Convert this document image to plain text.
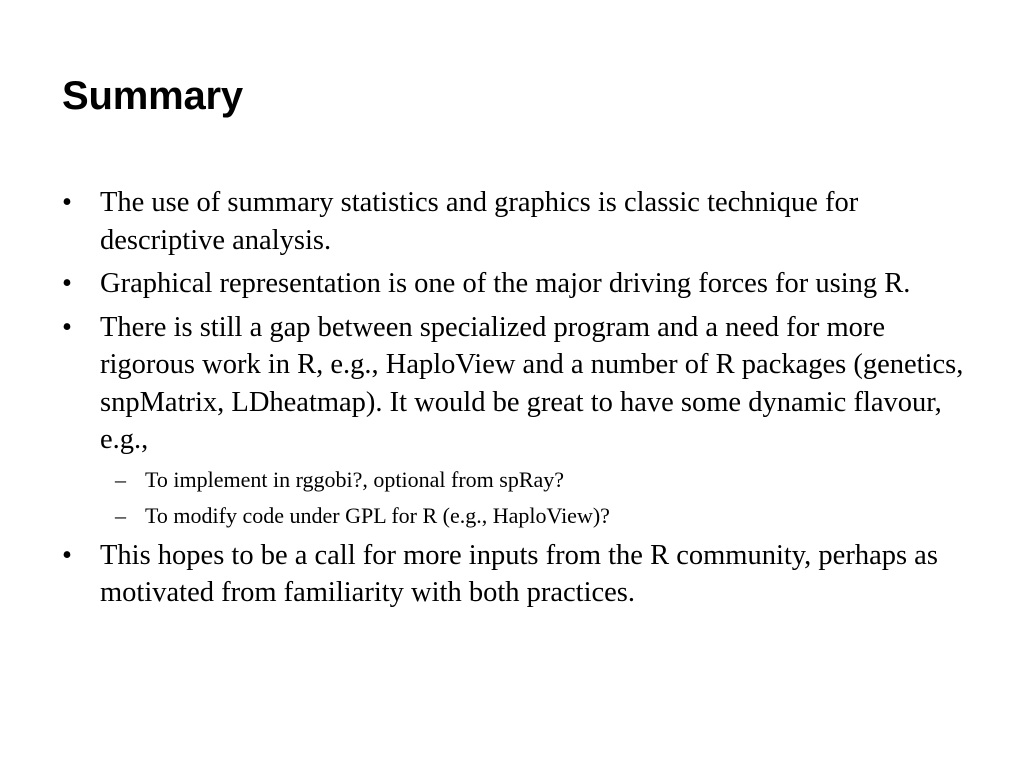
Summary
• The use of summary statistics and graphics is classic technique for descriptive analysis.
• Graphical representation is one of the major driving forces for using R.
• There is still a gap between specialized program and a need for more rigorous work in R, e.g., HaploView and a number of R packages (genetics, snpMatrix, LDheatmap). It would be great to have some dynamic flavour, e.g.,
– To implement in rggobi?, optional from spRay?
– To modify code under GPL for R (e.g., HaploView)?
• This hopes to be a call for more inputs from the R community, perhaps as motivated from familiarity with both practices.
